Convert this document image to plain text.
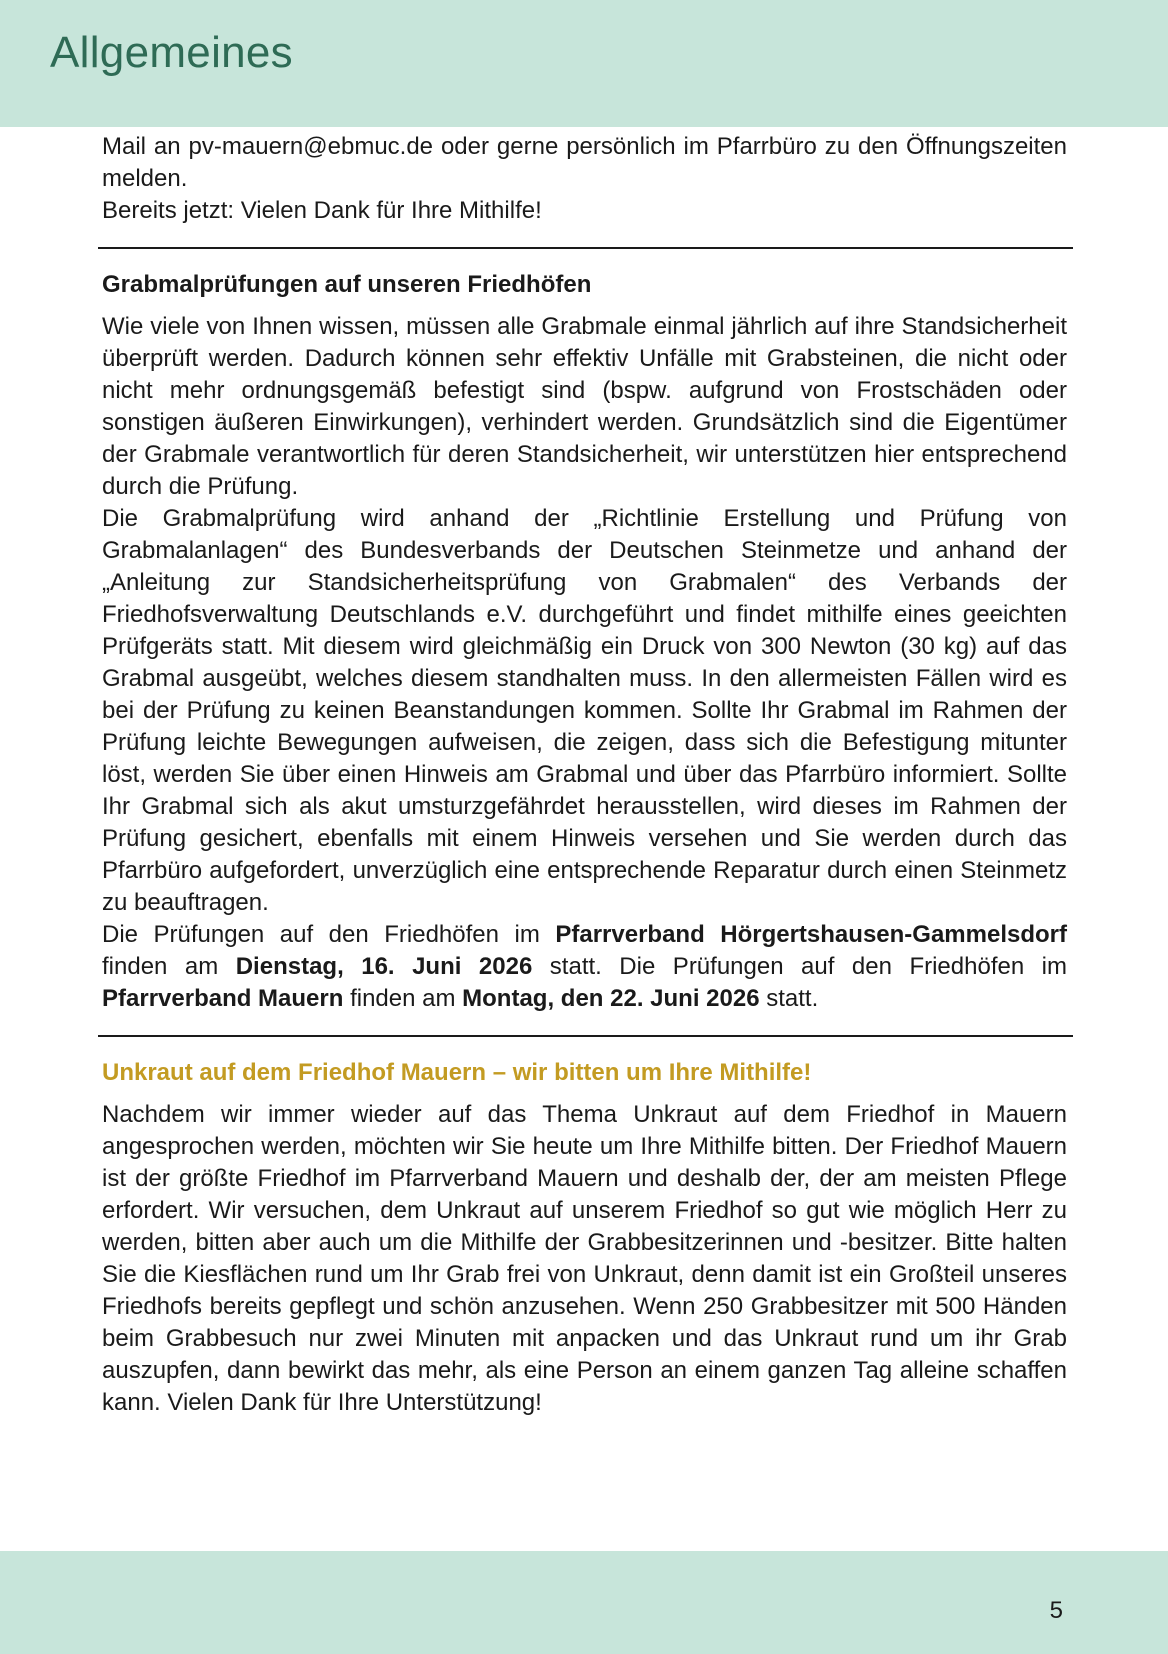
Allgemeines

Mail an pv-mauern@ebmuc.de oder gerne persönlich im Pfarrbüro zu den Öffnungszeiten melden.

Bereits jetzt: Vielen Dank für Ihre Mithilfe!

Grabmalprüfungen auf unseren Friedhöfen

Wie viele von Ihnen wissen, müssen alle Grabmale einmal jährlich auf ihre Standsicherheit überprüft werden. Dadurch können sehr effektiv Unfälle mit Grabsteinen, die nicht oder nicht mehr ordnungsgemäß befestigt sind (bspw. aufgrund von Frostschäden oder sonstigen äußeren Einwirkungen), verhindert werden. Grundsätzlich sind die Eigentümer der Grabmale verantwortlich für deren Standsicherheit, wir unterstützen hier entsprechend durch die Prüfung.

Die Grabmalprüfung wird anhand der „Richtlinie Erstellung und Prüfung von Grabmalanlagen“ des Bundesverbands der Deutschen Steinmetze und anhand der „Anleitung zur Standsicherheitsprüfung von Grabmalen“ des Verbands der Friedhofsverwaltung Deutschlands e.V. durchgeführt und findet mithilfe eines geeichten Prüfgeräts statt. Mit diesem wird gleichmäßig ein Druck von 300 Newton (30 kg) auf das Grabmal ausgeübt, welches diesem standhalten muss. In den allermeisten Fällen wird es bei der Prüfung zu keinen Beanstandungen kommen. Sollte Ihr Grabmal im Rahmen der Prüfung leichte Bewegungen aufweisen, die zeigen, dass sich die Befestigung mitunter löst, werden Sie über einen Hinweis am Grabmal und über das Pfarrbüro informiert. Sollte Ihr Grabmal sich als akut umsturzgefährdet herausstellen, wird dieses im Rahmen der Prüfung gesichert, ebenfalls mit einem Hinweis versehen und Sie werden durch das Pfarrbüro aufgefordert, unverzüglich eine entsprechende Reparatur durch einen Steinmetz zu beauftragen.

Die Prüfungen auf den Friedhöfen im Pfarrverband Hörgertshausen-Gammelsdorf finden am Dienstag, 16. Juni 2026 statt. Die Prüfungen auf den Friedhöfen im Pfarrverband Mauern finden am Montag, den 22. Juni 2026 statt.

Unkraut auf dem Friedhof Mauern – wir bitten um Ihre Mithilfe!

Nachdem wir immer wieder auf das Thema Unkraut auf dem Friedhof in Mauern angesprochen werden, möchten wir Sie heute um Ihre Mithilfe bitten. Der Friedhof Mauern ist der größte Friedhof im Pfarrverband Mauern und deshalb der, der am meisten Pflege erfordert. Wir versuchen, dem Unkraut auf unserem Friedhof so gut wie möglich Herr zu werden, bitten aber auch um die Mithilfe der Grabbesitzerinnen und -besitzer. Bitte halten Sie die Kiesflächen rund um Ihr Grab frei von Unkraut, denn damit ist ein Großteil unseres Friedhofs bereits gepflegt und schön anzusehen. Wenn 250 Grabbesitzer mit 500 Händen beim Grabbesuch nur zwei Minuten mit anpacken und das Unkraut rund um ihr Grab auszupfen, dann bewirkt das mehr, als eine Person an einem ganzen Tag alleine schaffen kann. Vielen Dank für Ihre Unterstützung!

5
